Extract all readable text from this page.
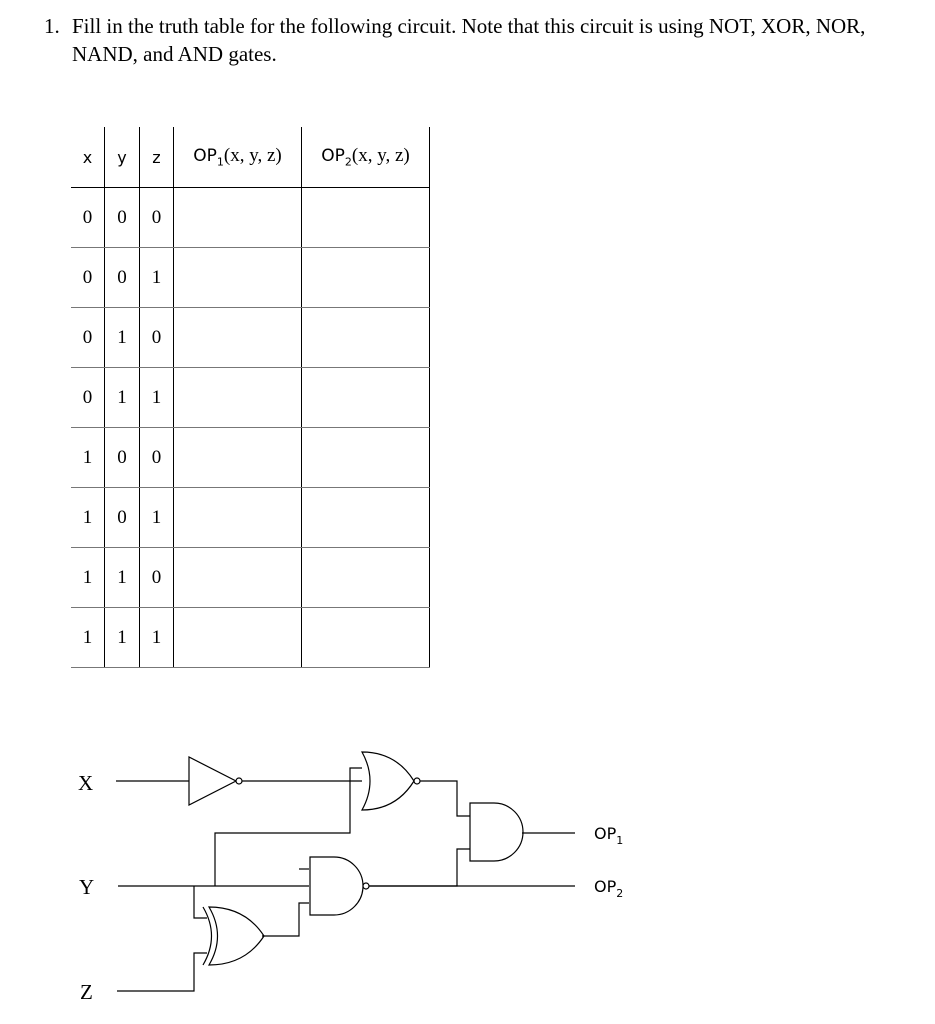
1. Fill in the truth table for the following circuit. Note that this circuit is using NOT, XOR, NOR, NAND, and AND gates.
x	y	z	$OP_1(x$, y, z)	$OP_2(x$, y, z)
0	0	0		
0	0	1		
0	1	0		
0	1	1		
1	0	0		
1	0	1		
1	1	0		
1	1	1		
X
Y
Z
$OP_1$
$OP_2$
